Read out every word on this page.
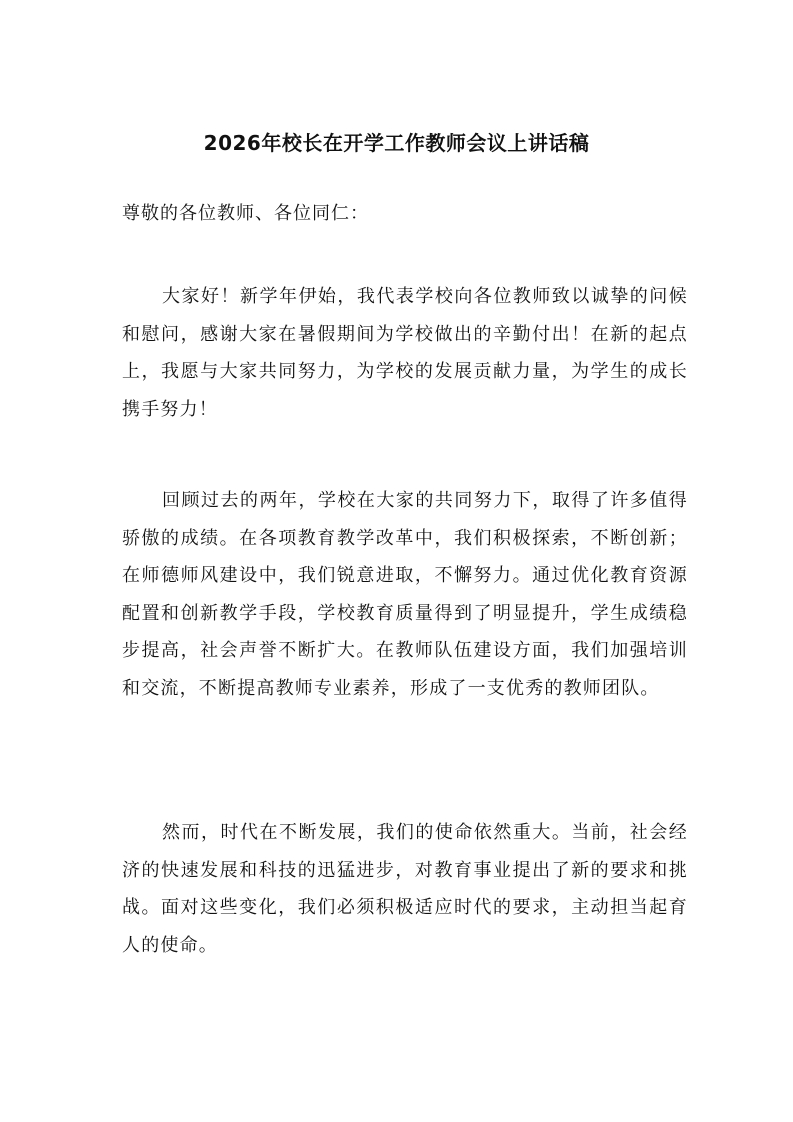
2026年校长在开学工作教师会议上讲话稿
尊敬的各位教师、各位同仁：

大家好！新学年伊始，我代表学校向各位教师致以诚挚的问候和慰问，感谢大家在暑假期间为学校做出的辛勤付出！在新的起点上，我愿与大家共同努力，为学校的发展贡献力量，为学生的成长携手努力！

回顾过去的两年，学校在大家的共同努力下，取得了许多值得骄傲的成绩。在各项教育教学改革中，我们积极探索，不断创新；在师德师风建设中，我们锐意进取，不懈努力。通过优化教育资源配置和创新教学手段，学校教育质量得到了明显提升，学生成绩稳步提高，社会声誉不断扩大。在教师队伍建设方面，我们加强培训和交流，不断提高教师专业素养，形成了一支优秀的教师团队。

然而，时代在不断发展，我们的使命依然重大。当前，社会经济的快速发展和科技的迅猛进步，对教育事业提出了新的要求和挑战。面对这些变化，我们必须积极适应时代的要求，主动担当起育人的使命。
